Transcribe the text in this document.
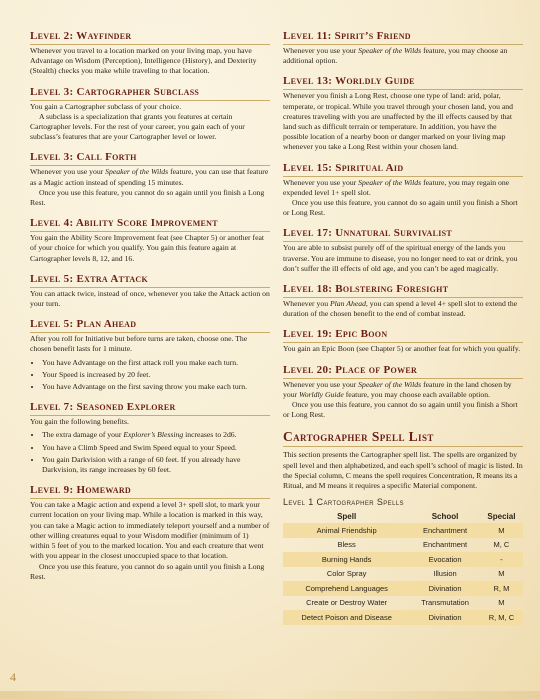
Level 2: Wayfinder

Whenever you travel to a location marked on your living map, you have Advantage on Wisdom (Perception), Intelligence (History), and Dexterity (Stealth) checks you make while traveling to that location.

Level 3: Cartographer Subclass

You gain a Cartographer subclass of your choice.

A subclass is a specialization that grants you features at certain Cartographer levels. For the rest of your career, you gain each of your subclass’s features that are your Cartographer level or lower.

Level 3: Call Forth

Whenever you use your Speaker of the Wilds feature, you can use that feature as a Magic action instead of spending 15 minutes.

Once you use this feature, you cannot do so again until you finish a Long Rest.

Level 4: Ability Score Improvement

You gain the Ability Score Improvement feat (see Chapter 5) or another feat of your choice for which you qualify. You gain this feature again at Cartographer levels 8, 12, and 16.

Level 5: Extra Attack

You can attack twice, instead of once, whenever you take the Attack action on your turn.

Level 5: Plan Ahead

After you roll for Initiative but before turns are taken, choose one. The chosen benefit lasts for 1 minute.

• You have Advantage on the first attack roll you make each turn.
• Your Speed is increased by 20 feet.
• You have Advantage on the first saving throw you make each turn.
Level 7: Seasoned Explorer

You gain the following benefits.

• The extra damage of your Explorer’s Blessing increases to 2d6.
• You have a Climb Speed and Swim Speed equal to your Speed.
• You gain Darkvision with a range of 60 feet. If you already have Darkvision, its range increases by 60 feet.
Level 9: Homeward

You can take a Magic action and expend a level 3+ spell slot, to mark your current location on your living map. While a location is marked in this way, you can take a Magic action to immediately teleport yourself and a number of other willing creatures equal to your Wisdom modifier (minimum of 1) within 5 feet of you to the marked location. You and each creature that went with you appear in the closest unoccupied space to that location.

Once you use this feature, you cannot do so again until you finish a Long Rest.

Level 11: Spirit’s Friend

Whenever you use your Speaker of the Wilds feature, you may choose an additional option.

Level 13: Worldly Guide

Whenever you finish a Long Rest, choose one type of land: arid, polar, temperate, or tropical. While you travel through your chosen land, you and creatures traveling with you are unaffected by the ill effects caused by that land such as difficult terrain or temperature. In addition, you have the possible location of a nearby boon or danger marked on your living map whenever you take a Long Rest within your chosen land.

Level 15: Spiritual Aid

Whenever you use your Speaker of the Wilds feature, you may regain one expended level 1+ spell slot.

Once you use this feature, you cannot do so again until you finish a Short or Long Rest.

Level 17: Unnatural Survivalist

You are able to subsist purely off of the spiritual energy of the lands you traverse. You are immune to disease, you no longer need to eat or drink, you don’t suffer the ill effects of old age, and you can’t be aged magically.

Level 18: Bolstering Foresight

Whenever you Plan Ahead, you can spend a level 4+ spell slot to extend the duration of the chosen benefit to the end of combat instead.

Level 19: Epic Boon

You gain an Epic Boon (see Chapter 5) or another feat for which you qualify.

Level 20: Place of Power

Whenever you use your Speaker of the Wilds feature in the land chosen by your Worldly Guide feature, you may choose each available option.

Once you use this feature, you cannot do so again until you finish a Short or Long Rest.

Cartographer Spell List

This section presents the Cartographer spell list. The spells are organized by spell level and then alphabetized, and each spell’s school of magic is listed. In the Special column, C means the spell requires Concentration, R means its a Ritual, and M means it requires a specific Material component.

Level 1 Cartographer Spells
Spell	School	Special
Animal Friendship	Enchantment	M
Bless	Enchantment	M, C
Burning Hands	Evocation	-
Color Spray	Illusion	M
Comprehend Languages	Divination	R, M
Create or Destroy Water	Transmutation	M
Detect Poison and Disease	Divination	R, M, C
4
